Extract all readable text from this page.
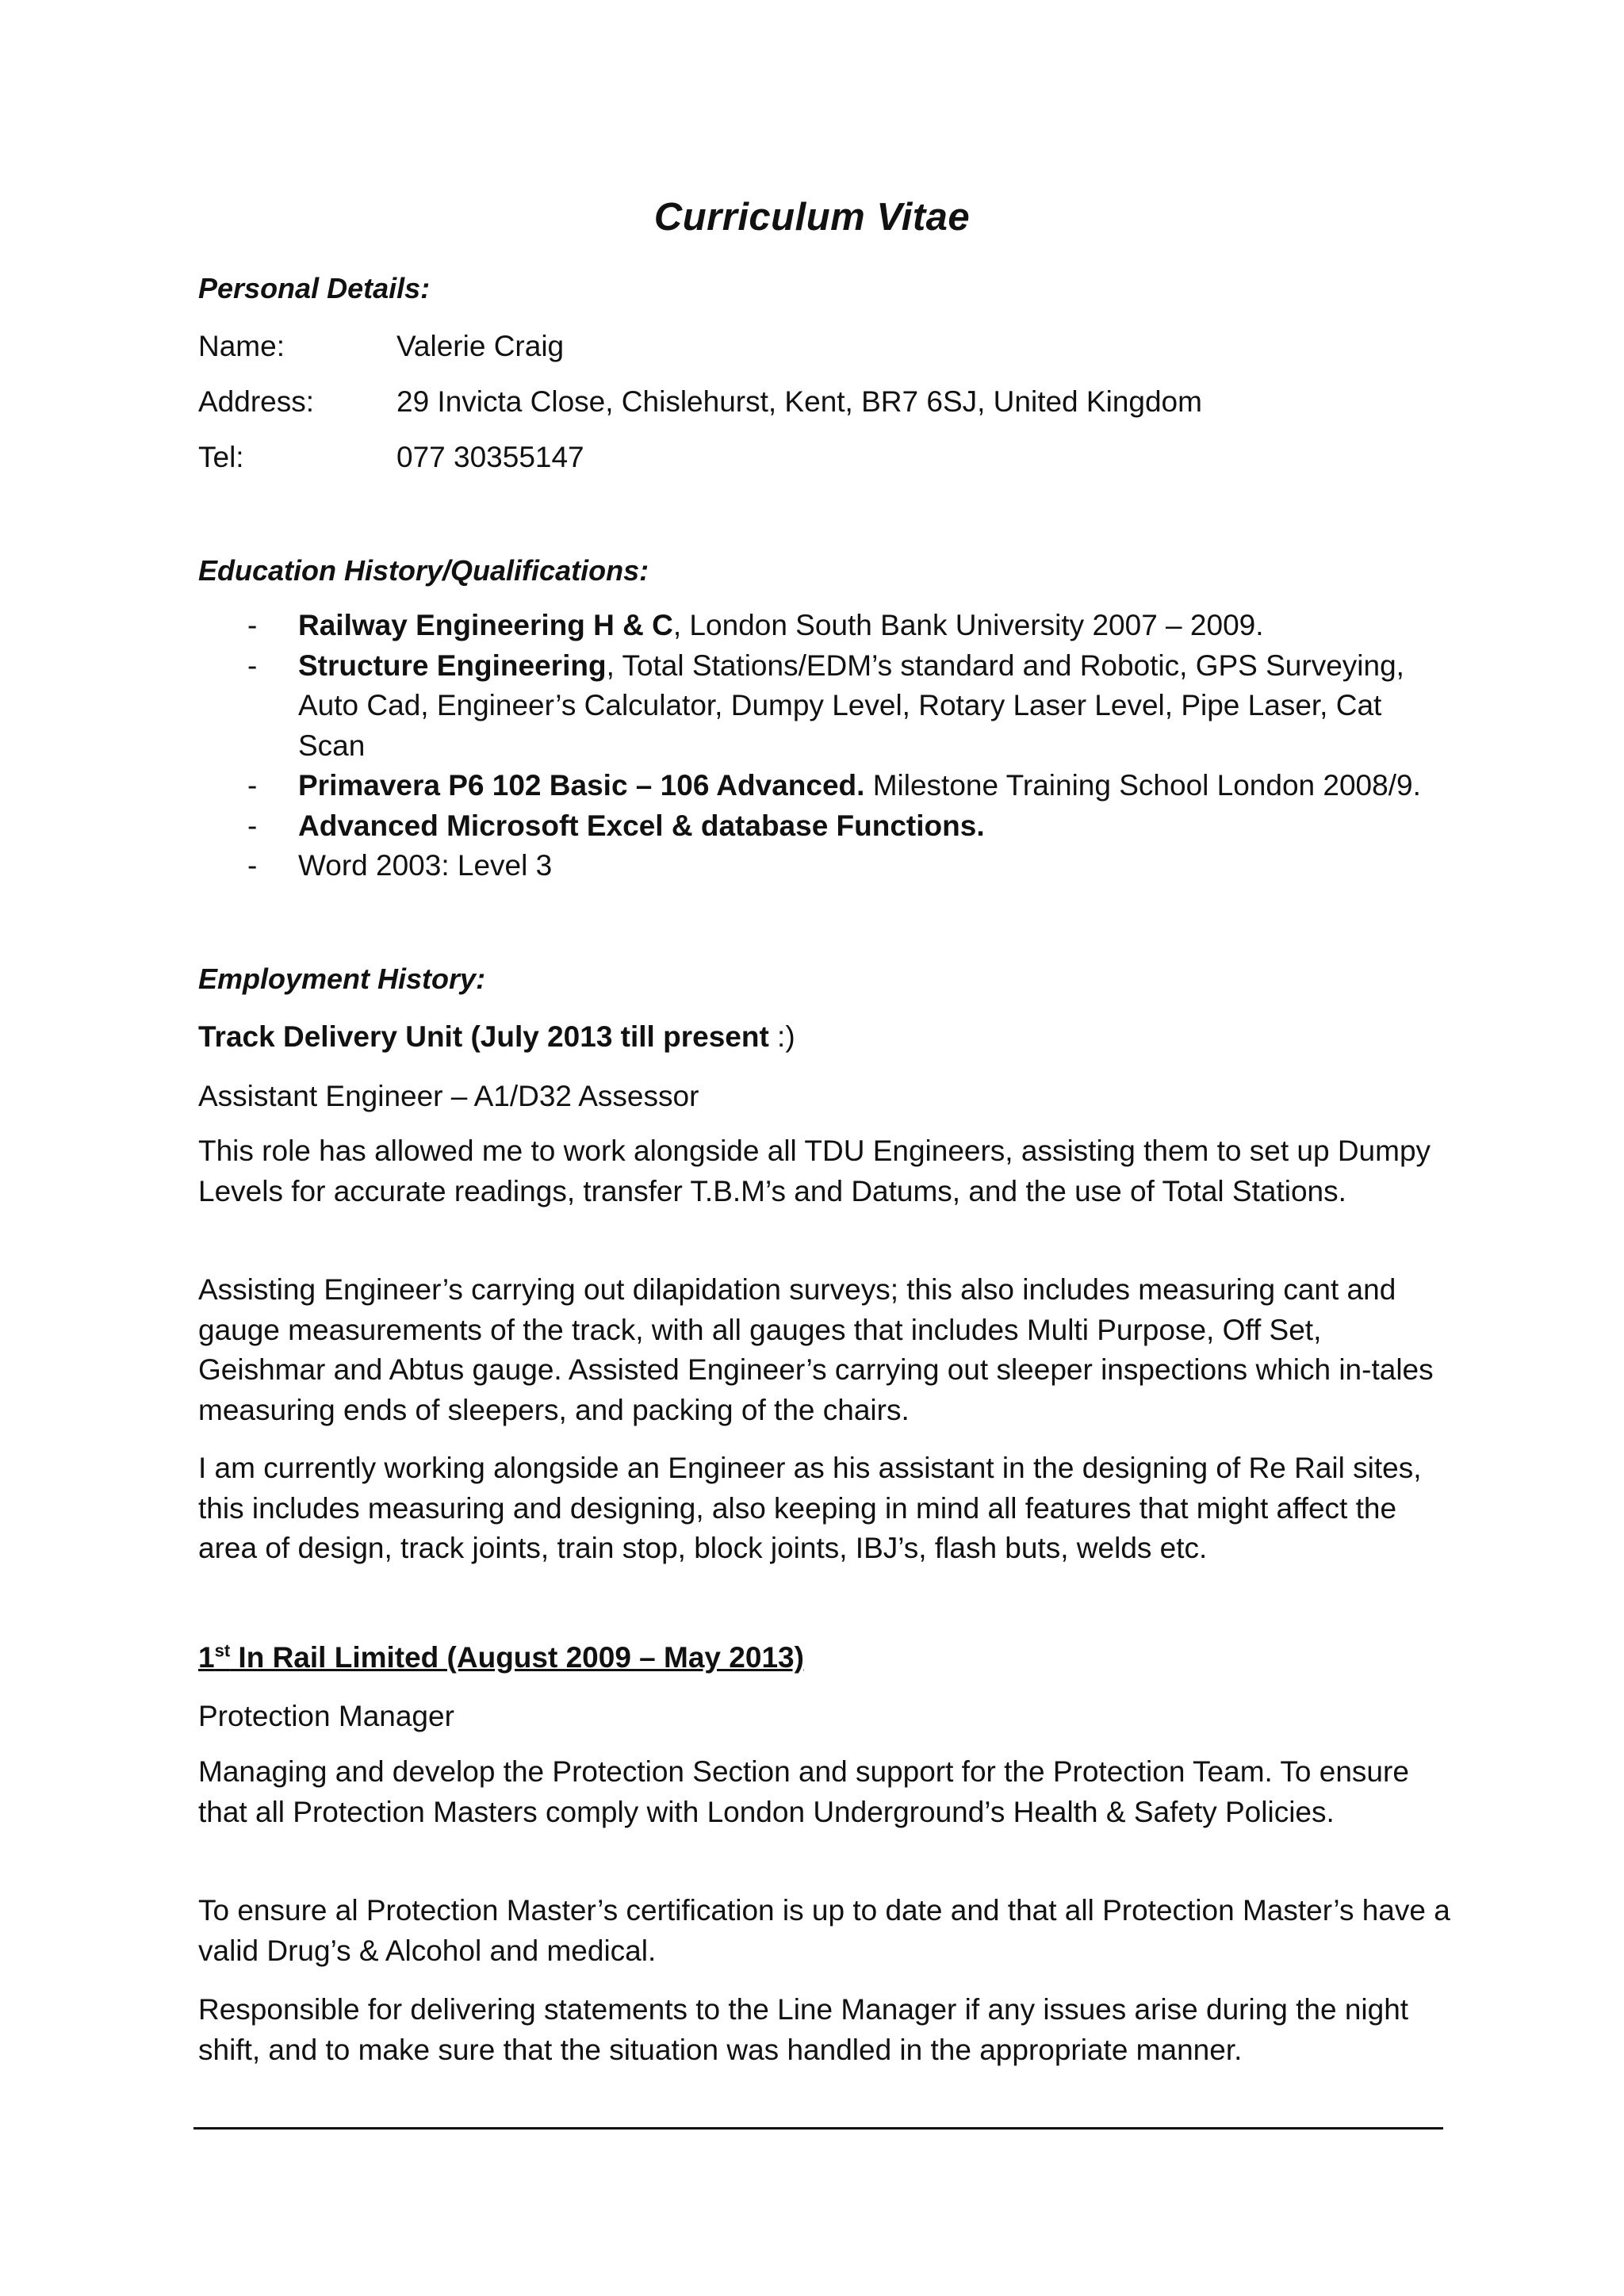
Curriculum Vitae
Personal Details:
Name:	Valerie Craig
Address:	29 Invicta Close, Chislehurst, Kent, BR7 6SJ, United Kingdom
Tel:	077 30355147
Education History/Qualifications:
- Railway Engineering H & C, London South Bank University 2007 – 2009.
- Structure Engineering, Total Stations/EDM’s standard and Robotic, GPS Surveying, Auto Cad, Engineer’s Calculator, Dumpy Level, Rotary Laser Level, Pipe Laser, Cat Scan
- Primavera P6 102 Basic – 106 Advanced. Milestone Training School London 2008/9.
- Advanced Microsoft Excel & database Functions.
- Word 2003: Level 3
Employment History:
Track Delivery Unit (July 2013 till present :)
Assistant Engineer – A1/D32 Assessor

This role has allowed me to work alongside all TDU Engineers, assisting them to set up Dumpy Levels for accurate readings, transfer T.B.M’s and Datums, and the use of Total Stations.

Assisting Engineer’s carrying out dilapidation surveys; this also includes measuring cant and gauge measurements of the track, with all gauges that includes Multi Purpose, Off Set, Geishmar and Abtus gauge. Assisted Engineer’s carrying out sleeper inspections which in-tales measuring ends of sleepers, and packing of the chairs.

I am currently working alongside an Engineer as his assistant in the designing of Re Rail sites, this includes measuring and designing, also keeping in mind all features that might affect the area of design, track joints, train stop, block joints, IBJ’s, flash buts, welds etc.

1st In Rail Limited (August 2009 – May 2013)
Protection Manager

Managing and develop the Protection Section and support for the Protection Team. To ensure that all Protection Masters comply with London Underground’s Health & Safety Policies.

To ensure al Protection Master’s certification is up to date and that all Protection Master’s have a valid Drug’s & Alcohol and medical.

Responsible for delivering statements to the Line Manager if any issues arise during the night shift, and to make sure that the situation was handled in the appropriate manner.
